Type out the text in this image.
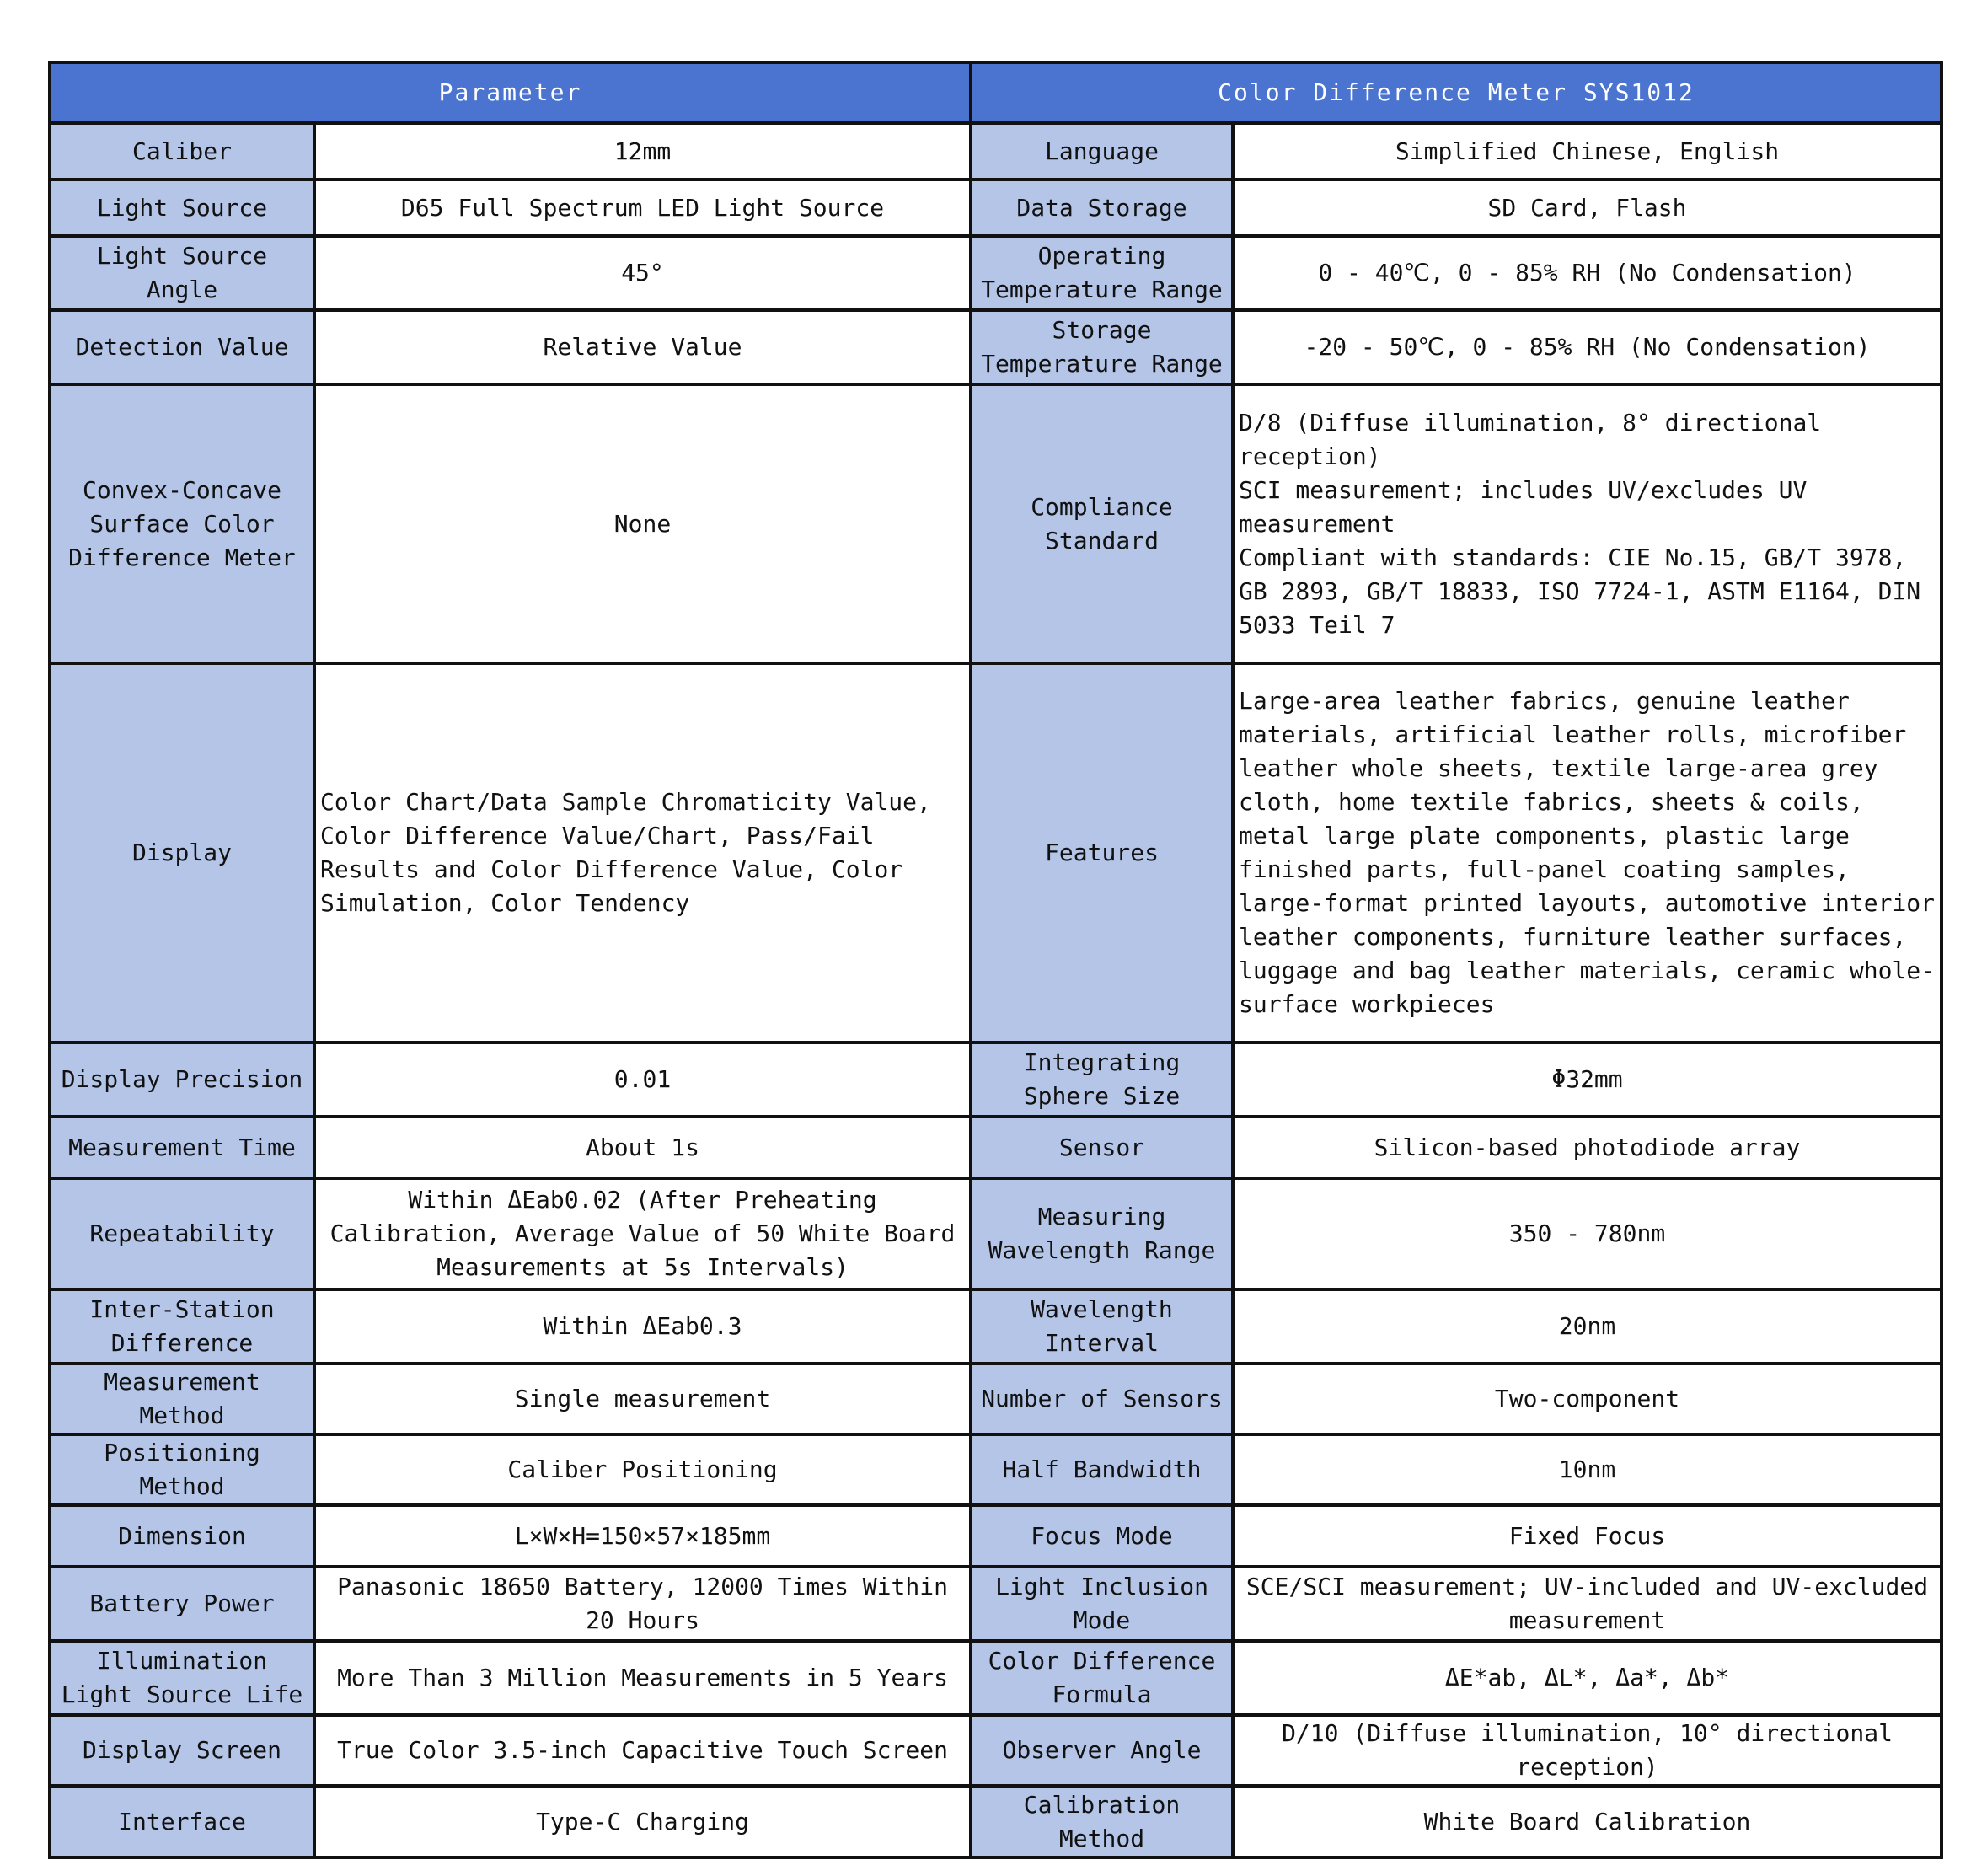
Parameter		Color Difference Meter SYS1012	
Caliber	12mm	Language	Simplified Chinese, English
Light Source	D65 Full Spectrum LED Light Source	Data Storage	SD Card, Flash
Light Source Angle	45°	Operating Temperature Range	0 - 40℃, 0 - 85% RH (No Condensation)
Detection Value	Relative Value	Storage Temperature Range	-20 - 50℃, 0 - 85% RH (No Condensation)
Convex-Concave Surface Color Difference Meter	None	Compliance Standard	D/8 (Diffuse illumination, 8° directional reception)
SCI measurement; includes UV/excludes UV measurement
Compliant with standards: CIE No.15, GB/T 3978, GB 2893, GB/T 18833, ISO 7724-1, ASTM E1164, DIN 5033 Teil 7
Display	Color Chart/Data Sample Chromaticity Value, Color Difference Value/Chart, Pass/Fail Results and Color Difference Value, Color Simulation, Color Tendency	Features	Large-area leather fabrics, genuine leather materials, artificial leather rolls, microfiber leather whole sheets, textile large-area grey cloth, home textile fabrics, sheets & coils, metal large plate components, plastic large finished parts, full-panel coating samples, large-format printed layouts, automotive interior leather components, furniture leather surfaces, luggage and bag leather materials, ceramic whole-surface workpieces
Display Precision	0.01	Integrating Sphere Size	Φ32mm
Measurement Time	About 1s	Sensor	Silicon-based photodiode array
Repeatability	Within ΔEab0.02 (After Preheating Calibration, Average Value of 50 White Board Measurements at 5s Intervals)	Measuring Wavelength Range	350 - 780nm
Inter-Station Difference	Within ΔEab0.3	Wavelength Interval	20nm
Measurement Method	Single measurement	Number of Sensors	Two-component
Positioning Method	Caliber Positioning	Half Bandwidth	10nm
Dimension	L×W×H=150×57×185mm	Focus Mode	Fixed Focus
Battery Power	Panasonic 18650 Battery, 12000 Times Within 20 Hours	Light Inclusion Mode	SCE/SCI measurement; UV-included and UV-excluded measurement
Illumination Light Source Life	More Than 3 Million Measurements in 5 Years	Color Difference Formula	ΔE*ab, ΔL*, Δa*, Δb*
Display Screen	True Color 3.5-inch Capacitive Touch Screen	Observer Angle	D/10 (Diffuse illumination, 10° directional reception)
Interface	Type-C Charging	Calibration Method	White Board Calibration
